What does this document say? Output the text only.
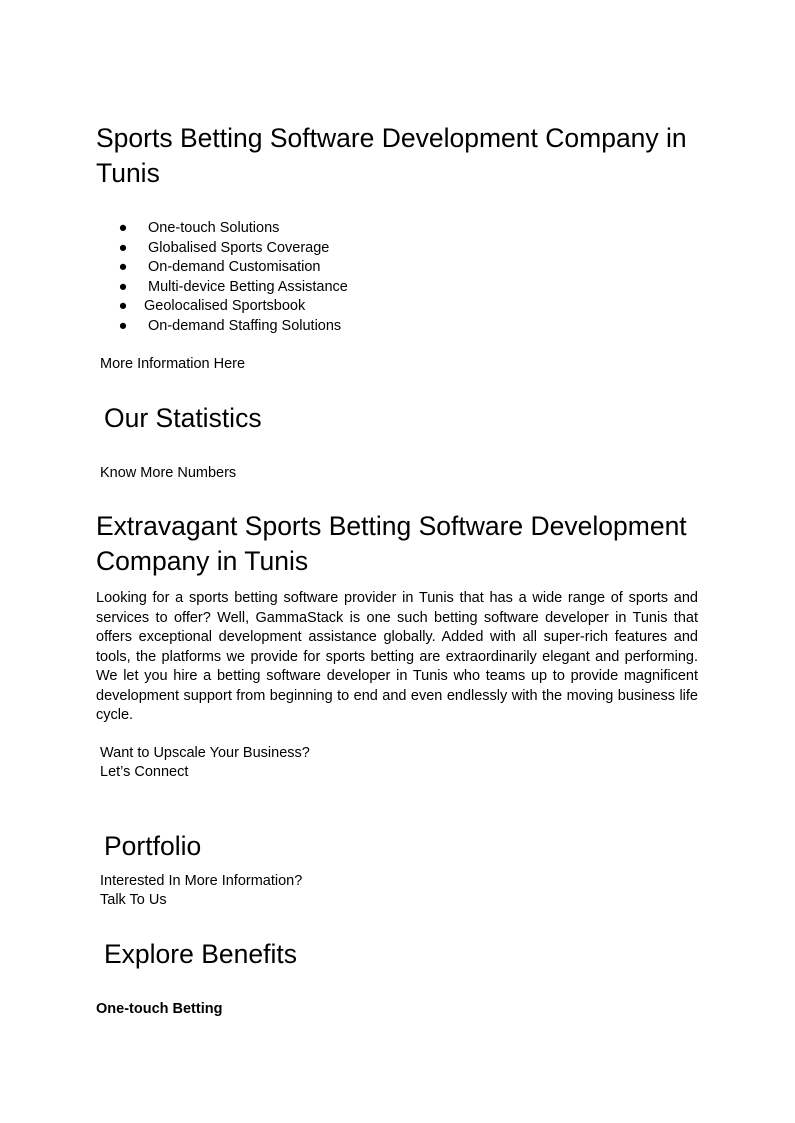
Sports Betting Software Development Company in Tunis
● One-touch Solutions
● Globalised Sports Coverage
● On-demand Customisation
● Multi-device Betting Assistance
● Geolocalised Sportsbook
● On-demand Staffing Solutions

More Information Here

Our Statistics

Know More Numbers

Extravagant Sports Betting Software Development Company in Tunis

Looking for a sports betting software provider in Tunis that has a wide range of sports and services to offer? Well, GammaStack is one such betting software developer in Tunis that offers exceptional development assistance globally. Added with all super-rich features and tools, the platforms we provide for sports betting are extraordinarily elegant and performing. We let you hire a betting software developer in Tunis who teams up to provide magnificent development support from beginning to end and even endlessly with the moving business life cycle.

Want to Upscale Your Business?

Let’s Connect

Portfolio

Interested In More Information?

Talk To Us

Explore Benefits

One-touch Betting
